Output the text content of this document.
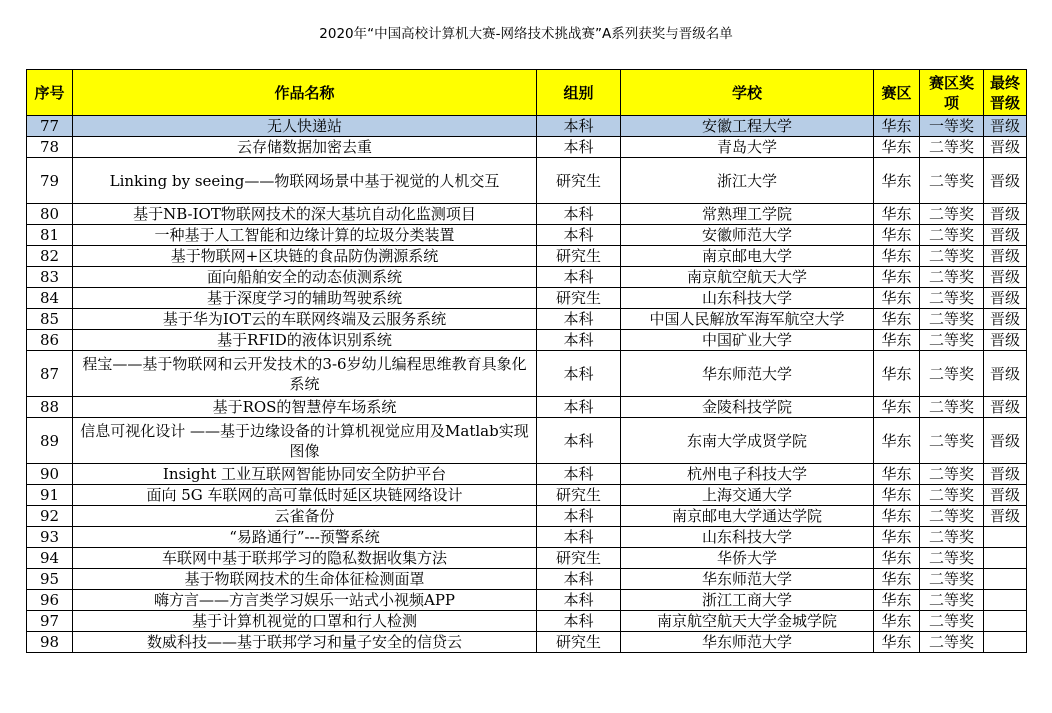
2020年“中国高校计算机大赛-网络技术挑战赛”A系列获奖与晋级名单
序号	作品名称	组别	学校	赛区	赛区奖项	最终晋级
77	无人快递站	本科	安徽工程大学	华东	一等奖	晋级
78	云存储数据加密去重	本科	青岛大学	华东	二等奖	晋级
79	Linking by seeing——物联网场景中基于视觉的人机交互	研究生	浙江大学	华东	二等奖	晋级
80	基于NB-IOT物联网技术的深大基坑自动化监测项目	本科	常熟理工学院	华东	二等奖	晋级
81	一种基于人工智能和边缘计算的垃圾分类装置	本科	安徽师范大学	华东	二等奖	晋级
82	基于物联网+区块链的食品防伪溯源系统	研究生	南京邮电大学	华东	二等奖	晋级
83	面向船舶安全的动态侦测系统	本科	南京航空航天大学	华东	二等奖	晋级
84	基于深度学习的辅助驾驶系统	研究生	山东科技大学	华东	二等奖	晋级
85	基于华为IOT云的车联网终端及云服务系统	本科	中国人民解放军海军航空大学	华东	二等奖	晋级
86	基于RFID的液体识别系统	本科	中国矿业大学	华东	二等奖	晋级
87	程宝——基于物联网和云开发技术的3-6岁幼儿编程思维教育具象化系统	本科	华东师范大学	华东	二等奖	晋级
88	基于ROS的智慧停车场系统	本科	金陵科技学院	华东	二等奖	晋级
89	信息可视化设计 ——基于边缘设备的计算机视觉应用及Matlab实现图像	本科	东南大学成贤学院	华东	二等奖	晋级
90	Insight 工业互联网智能协同安全防护平台	本科	杭州电子科技大学	华东	二等奖	晋级
91	面向 5G 车联网的高可靠低时延区块链网络设计	研究生	上海交通大学	华东	二等奖	晋级
92	云雀备份	本科	南京邮电大学通达学院	华东	二等奖	晋级
93	“易路通行”---预警系统	本科	山东科技大学	华东	二等奖	
94	车联网中基于联邦学习的隐私数据收集方法	研究生	华侨大学	华东	二等奖	
95	基于物联网技术的生命体征检测面罩	本科	华东师范大学	华东	二等奖	
96	嗨方言——方言类学习娱乐一站式小视频APP	本科	浙江工商大学	华东	二等奖	
97	基于计算机视觉的口罩和行人检测	本科	南京航空航天大学金城学院	华东	二等奖	
98	数威科技——基于联邦学习和量子安全的信贷云	研究生	华东师范大学	华东	二等奖	
